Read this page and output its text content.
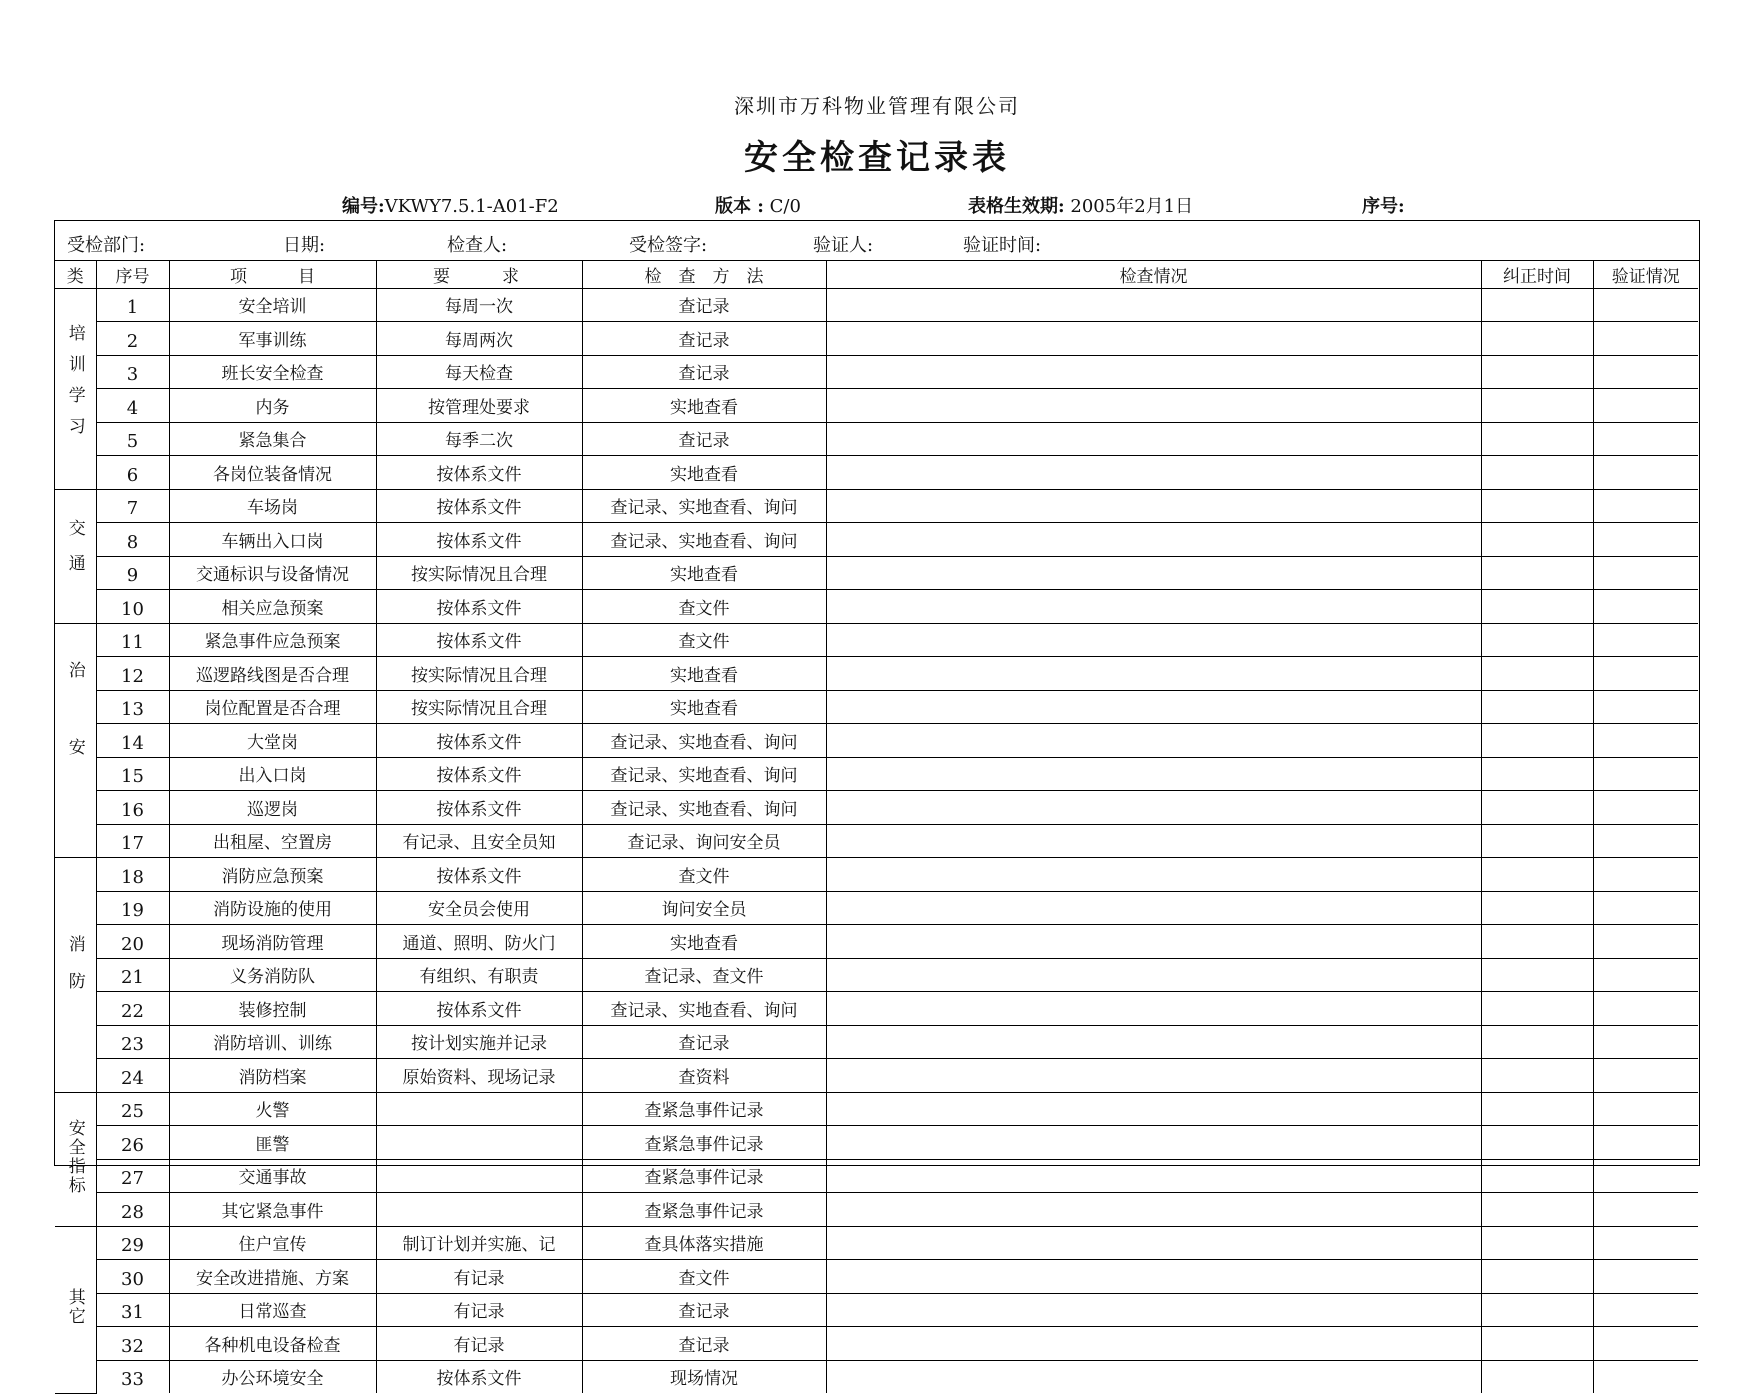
深圳市万科物业管理有限公司
安全检查记录表
编号:VKWY7.5.1-A01-F2	版本 : C/0	表格生效期: 2005年2月1日	序号:
受检部门:	日期:	检查人:	受检签字:	验证人:	验证时间:
类	序号	项　　　目	要　　求	检　查　方　法	检查情况	纠正时间	验证情况
培训学习	1	安全培训	每周一次	查记录			
	2	军事训练	每周两次	查记录			
	3	班长安全检查	每天检查	查记录			
	4	内务	按管理处要求	实地查看			
	5	紧急集合	每季二次	查记录			
	6	各岗位装备情况	按体系文件	实地查看			
交通	7	车场岗	按体系文件	查记录、实地查看、询问			
	8	车辆出入口岗	按体系文件	查记录、实地查看、询问			
	9	交通标识与设备情况	按实际情况且合理	实地查看			
	10	相关应急预案	按体系文件	查文件			
治安	11	紧急事件应急预案	按体系文件	查文件			
	12	巡逻路线图是否合理	按实际情况且合理	实地查看			
	13	岗位配置是否合理	按实际情况且合理	实地查看			
	14	大堂岗	按体系文件	查记录、实地查看、询问			
	15	出入口岗	按体系文件	查记录、实地查看、询问			
	16	巡逻岗	按体系文件	查记录、实地查看、询问			
	17	出租屋、空置房	有记录、且安全员知	查记录、询问安全员			
消防	18	消防应急预案	按体系文件	查文件			
	19	消防设施的使用	安全员会使用	询问安全员			
	20	现场消防管理	通道、照明、防火门	实地查看			
	21	义务消防队	有组织、有职责	查记录、查文件			
	22	装修控制	按体系文件	查记录、实地查看、询问			
	23	消防培训、训练	按计划实施并记录	查记录			
	24	消防档案	原始资料、现场记录	查资料			
安全指标	25	火警		查紧急事件记录			
	26	匪警		查紧急事件记录			
	27	交通事故		查紧急事件记录			
	28	其它紧急事件		查紧急事件记录			
其它	29	住户宣传	制订计划并实施、记	查具体落实措施			
	30	安全改进措施、方案	有记录	查文件			
	31	日常巡查	有记录	查记录			
	32	各种机电设备检查	有记录	查记录			
	33	办公环境安全	按体系文件	现场情况			
